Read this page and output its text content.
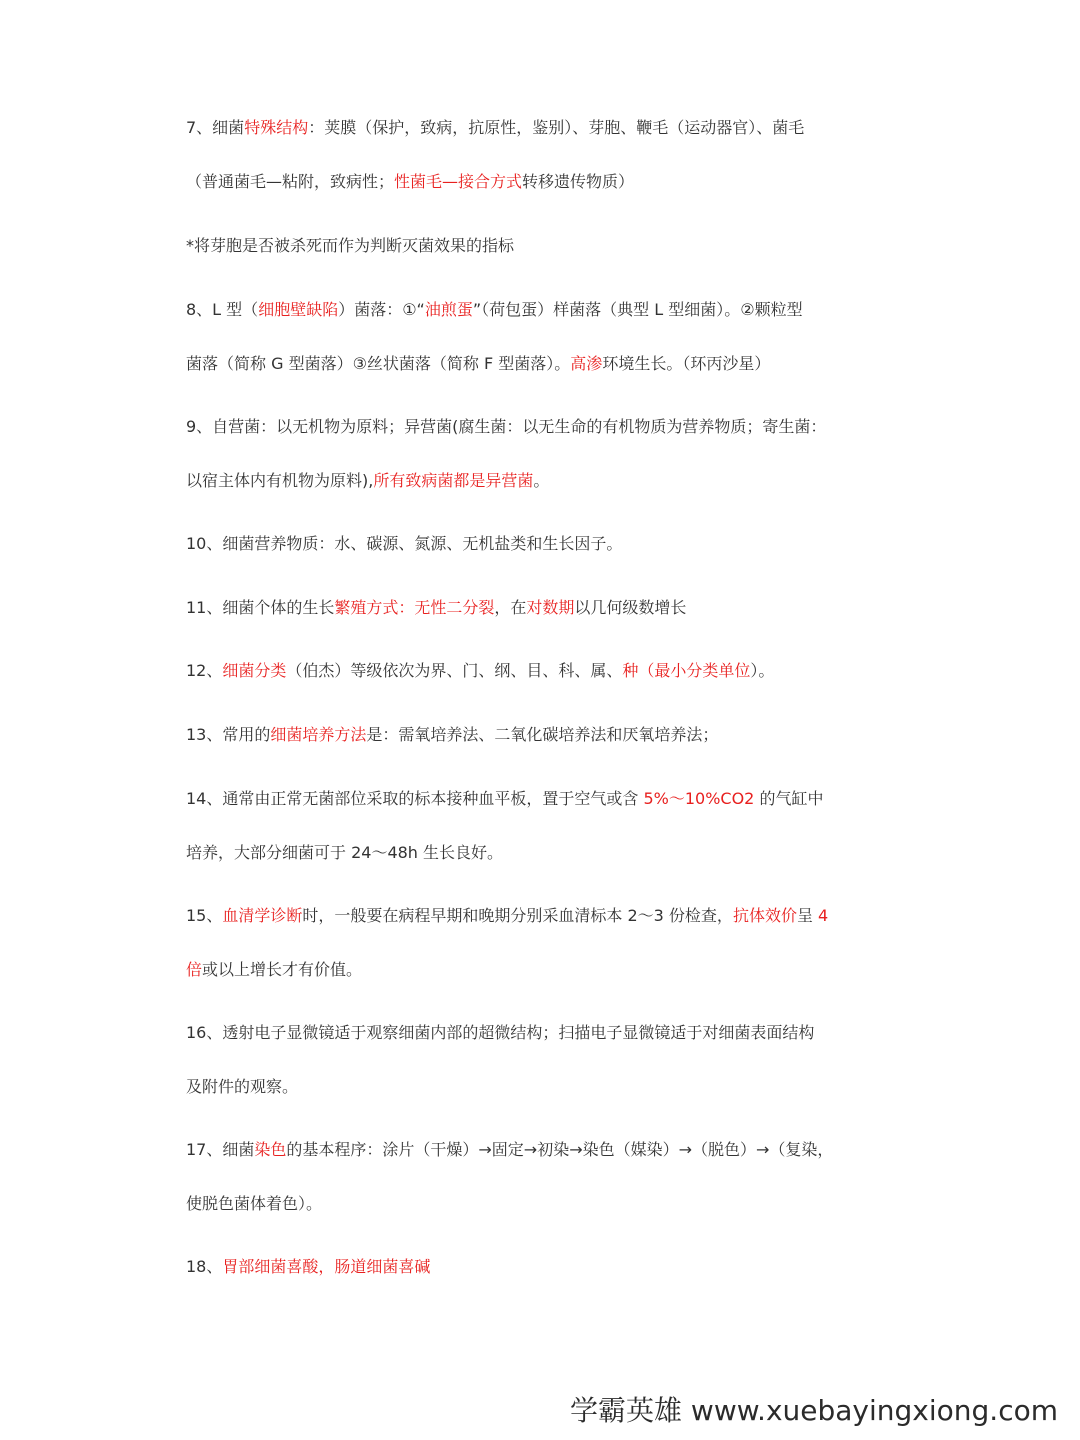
7、细菌特殊结构：荚膜（保护，致病，抗原性，鉴别）、芽胞、鞭毛（运动器官）、菌毛
（普通菌毛—粘附，致病性；性菌毛—接合方式转移遗传物质）
*将芽胞是否被杀死而作为判断灭菌效果的指标
8、L 型（细胞壁缺陷）菌落：①“油煎蛋”（荷包蛋）样菌落（典型 L 型细菌）。②颗粒型
菌落（简称 G 型菌落）③丝状菌落（简称 F 型菌落）。高渗环境生长。（环丙沙星）
9、自营菌：以无机物为原料；异营菌(腐生菌：以无生命的有机物质为营养物质；寄生菌：
以宿主体内有机物为原料),所有致病菌都是异营菌。
10、细菌营养物质：水、碳源、氮源、无机盐类和生长因子。
11、细菌个体的生长繁殖方式：无性二分裂，在对数期以几何级数增长
12、细菌分类（伯杰）等级依次为界、门、纲、目、科、属、种（最小分类单位）。
13、常用的细菌培养方法是：需氧培养法、二氧化碳培养法和厌氧培养法；
14、通常由正常无菌部位采取的标本接种血平板，置于空气或含 5%～10%CO2 的气缸中
培养，大部分细菌可于 24～48h 生长良好。
15、血清学诊断时，一般要在病程早期和晚期分别采血清标本 2～3 份检查，抗体效价呈 4
倍或以上增长才有价值。
16、透射电子显微镜适于观察细菌内部的超微结构；扫描电子显微镜适于对细菌表面结构
及附件的观察。
17、细菌染色的基本程序：涂片（干燥）→固定→初染→染色（媒染）→（脱色）→（复染，
使脱色菌体着色）。
18、胃部细菌喜酸，肠道细菌喜碱
学霸英雄 www.xuebayingxiong.com
